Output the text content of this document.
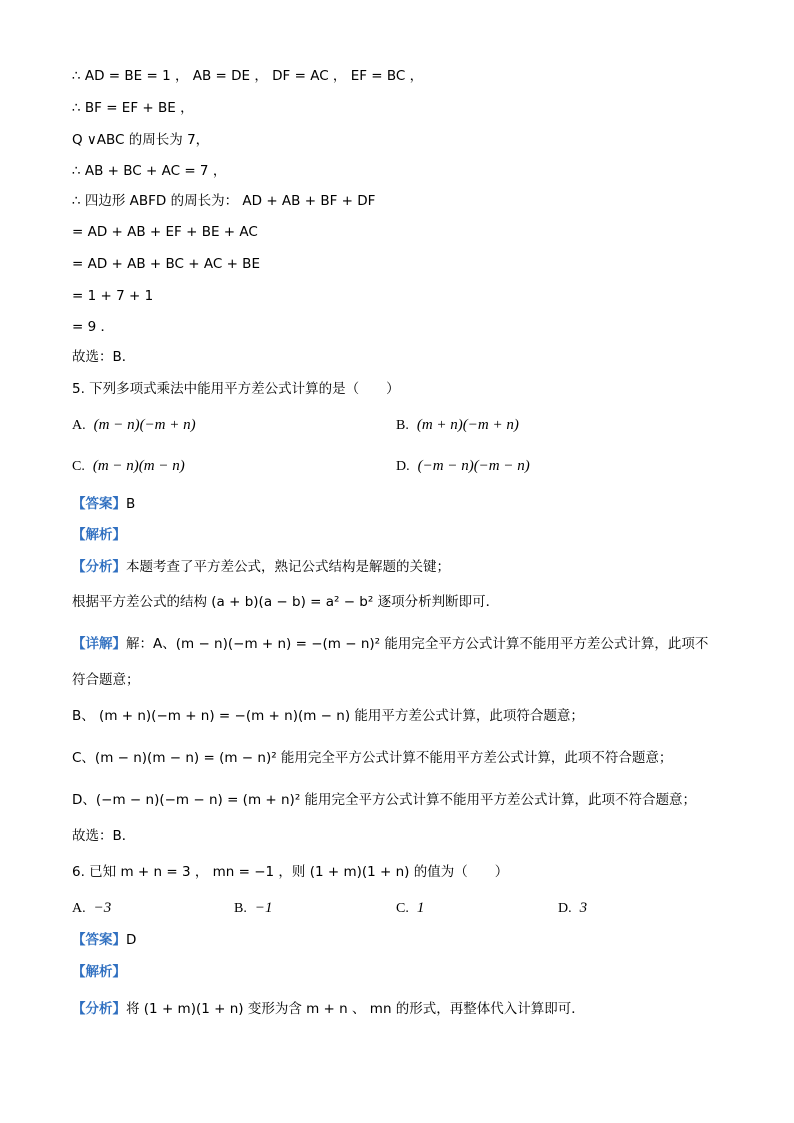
∴ AD = BE = 1 ， AB = DE ， DF = AC ， EF = BC ，
∴ BF = EF + BE ，
Q ∨ABC 的周长为 7，
∴ AB + BC + AC = 7 ，
∴ 四边形 ABFD 的周长为： AD + AB + BF + DF
= AD + AB + EF + BE + AC
= AD + AB + BC + AC + BE
= 1 + 7 + 1
= 9 ．
故选：B．
5. 下列多项式乘法中能用平方差公式计算的是（　　）
A. (m − n)(−m + n)	B. (m + n)(−m + n)
C. (m − n)(m − n)	D. (−m − n)(−m − n)
【答案】B
【解析】
【分析】本题考查了平方差公式，熟记公式结构是解题的关键；
根据平方差公式的结构 (a + b)(a − b) = a² − b² 逐项分析判断即可．
【详解】解：A、(m − n)(−m + n) = −(m − n)² 能用完全平方公式计算不能用平方差公式计算，此项不
符合题意；
B、 (m + n)(−m + n) = −(m + n)(m − n) 能用平方差公式计算，此项符合题意；
C、(m − n)(m − n) = (m − n)² 能用完全平方公式计算不能用平方差公式计算，此项不符合题意；
D、(−m − n)(−m − n) = (m + n)² 能用完全平方公式计算不能用平方差公式计算，此项不符合题意；
故选：B．
6. 已知 m + n = 3 ， mn = −1 ，则 (1 + m)(1 + n) 的值为（　　）
A. −3	B. −1	C. 1	D. 3
【答案】D
【解析】
【分析】将 (1 + m)(1 + n) 变形为含 m + n 、 mn 的形式，再整体代入计算即可．
